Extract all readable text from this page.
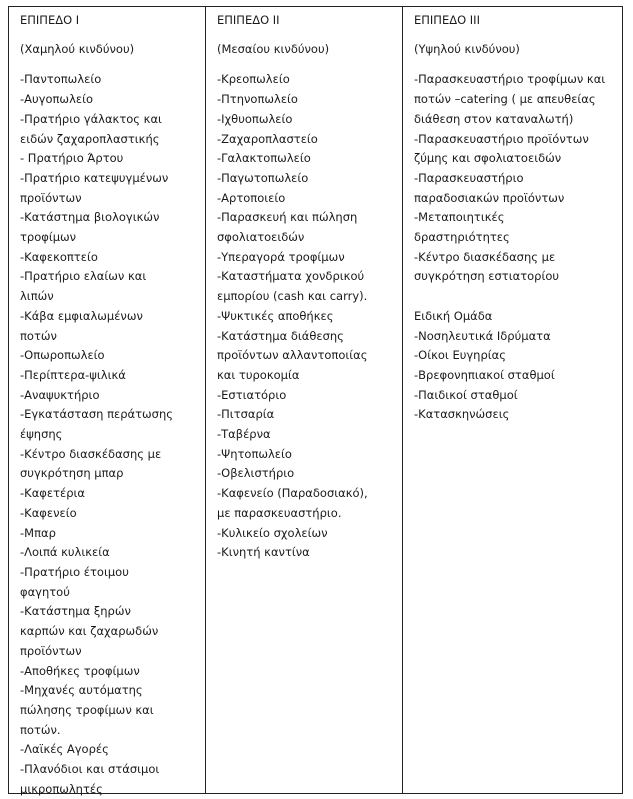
ΕΠΙΠΕΔΟ Ι

(Χαμηλού κινδύνου)

-Παντοπωλείο

-Αυγοπωλείο

-Πρατήριο γάλακτος και

ειδών ζαχαροπλαστικής

- Πρατήριο Άρτου

-Πρατήριο κατεψυγμένων

προϊόντων

-Κατάστημα βιολογικών

τροφίμων

-Καφεκοπτείο

-Πρατήριο ελαίων και

λιπών

-Κάβα εμφιαλωμένων

ποτών

-Οπωροπωλείο

-Περίπτερα-ψιλικά

-Αναψυκτήριο

-Εγκατάσταση περάτωσης

έψησης

-Κέντρο διασκέδασης με

συγκρότηση μπαρ

-Καφετέρια

-Καφενείο

-Μπαρ

-Λοιπά κυλικεία

-Πρατήριο έτοιμου

φαγητού

-Κατάστημα ξηρών

καρπών και ζαχαρωδών

προϊόντων

-Αποθήκες τροφίμων

-Μηχανές αυτόματης

πώλησης τροφίμων και

ποτών.

-Λαϊκές Αγορές

-Πλανόδιοι και στάσιμοι

μικροπωλητές

ΕΠΙΠΕΔΟ ΙΙ

(Μεσαίου κινδύνου)

-Κρεοπωλείο

-Πτηνοπωλείο

-Ιχθυοπωλείο

-Ζαχαροπλαστείο

-Γαλακτοπωλείο

-Παγωτοπωλείο

-Αρτοποιείο

-Παρασκευή και πώληση

σφολιατοειδών

-Υπεραγορά τροφίμων

-Καταστήματα χονδρικού

εμπορίου (cash και carry).

-Ψυκτικές αποθήκες

-Κατάστημα διάθεσης

προϊόντων αλλαντοποιίας

και τυροκομία

-Εστιατόριο

-Πιτσαρία

-Ταβέρνα

-Ψητοπωλείο

-Οβελιστήριο

-Καφενείο (Παραδοσιακό),

με παρασκευαστήριο.

-Κυλικείο σχολείων

-Κινητή καντίνα

ΕΠΙΠΕΔΟ ΙΙΙ

(Υψηλού κινδύνου)

-Παρασκευαστήριο τροφίμων και

ποτών –catering ( με απευθείας

διάθεση στον καταναλωτή)

-Παρασκευαστήριο προϊόντων

ζύμης και σφολιατοειδών

-Παρασκευαστήριο

παραδοσιακών προϊόντων

-Μεταποιητικές

δραστηριότητες

-Κέντρο διασκέδασης με

συγκρότηση εστιατορίου

Ειδική Ομάδα

-Νοσηλευτικά Ιδρύματα

-Οίκοι Ευγηρίας

-Βρεφονηπιακοί σταθμοί

-Παιδικοί σταθμοί

-Κατασκηνώσεις
